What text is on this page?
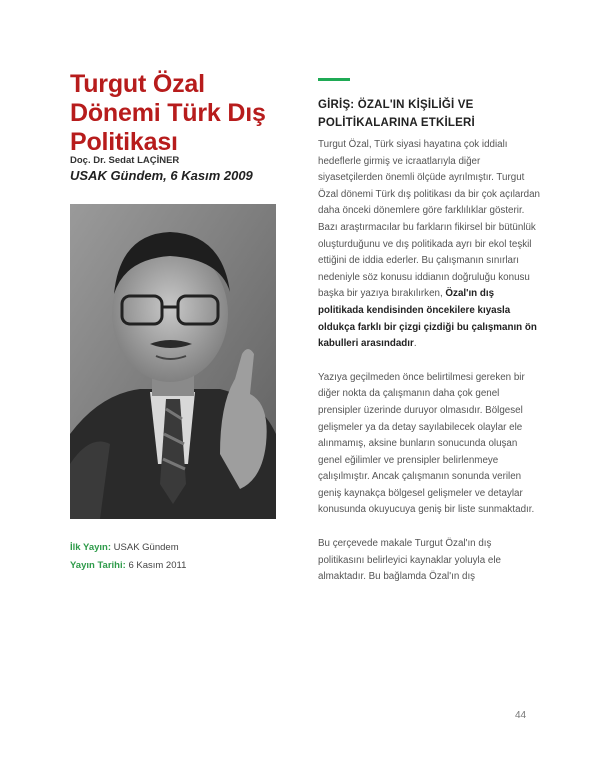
Turgut Özal Dönemi Türk Dış Politikası
Doç. Dr. Sedat LAÇİNER
USAK Gündem, 6 Kasım 2009
İlk Yayın: USAK Gündem
Yayın Tarihi: 6 Kasım 2011
GİRİŞ: ÖZAL'IN KİŞİLİĞİ VE POLİTİKALARINA ETKİLERİ

Turgut Özal, Türk siyasi hayatına çok iddialı hedeflerle girmiş ve icraatlarıyla diğer siyasetçilerden önemli ölçüde ayrılmıştır. Turgut Özal dönemi Türk dış politikası da bir çok açılardan daha önceki dönemlere göre farklılıklar gösterir. Bazı araştırmacılar bu farkların fikirsel bir bütünlük oluşturduğunu ve dış politikada ayrı bir ekol teşkil ettiğini de iddia ederler. Bu çalışmanın sınırları nedeniyle söz konusu iddianın doğruluğu konusu başka bir yazıya bırakılırken, Özal'ın dış politikada kendisinden öncekilere kıyasla oldukça farklı bir çizgi çizdiği bu çalışmanın ön kabulleri arasındadır.

Yazıya geçilmeden önce belirtilmesi gereken bir diğer nokta da çalışmanın daha çok genel prensipler üzerinde duruyor olmasıdır. Bölgesel gelişmeler ya da detay sayılabilecek olaylar ele alınmamış, aksine bunların sonucunda oluşan genel eğilimler ve prensipler belirlenmeye çalışılmıştır. Ancak çalışmanın sonunda verilen geniş kaynakça bölgesel gelişmeler ve detaylar konusunda okuyucuya geniş bir liste sunmaktadır.

Bu çerçevede makale Turgut Özal'ın dış politikasını belirleyici kaynaklar yoluyla ele almaktadır. Bu bağlamda Özal'ın dış

44
